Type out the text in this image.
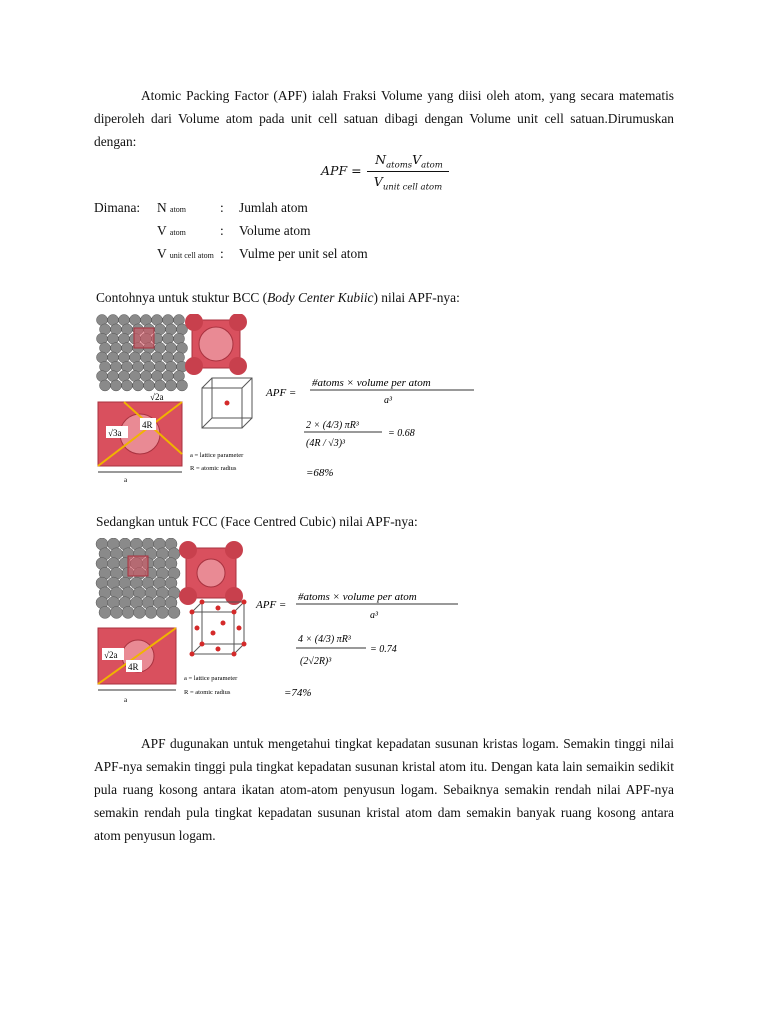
Atomic Packing Factor (APF) ialah Fraksi Volume yang diisi oleh atom, yang secara matematis diperoleh dari Volume atom pada unit cell satuan dibagi dengan Volume unit cell satuan.Dirumuskan dengan:
APF =
$N_{atoms}V_{atom}$
$V_{unit cell atom}$
Dimana: N atom	: Jumlah atom
V atom	: Volume atom
V unit cell atom : Vulme per unit sel atom
Contohnya untuk stuktur BCC (Body Center Kubiic) nilai APF-nya:
√2a
√3a
4R
a
a = lattice parameter
R = atomic radius
APF =
#atoms × volume per atom
a³
2 × (4/3) πR³
(4R / √3)³
= 0.68
=68%
Sedangkan untuk FCC (Face Centred Cubic) nilai APF-nya:
√2a
4R
a
a = lattice parameter
R = atomic radius
APF =
#atoms × volume per atom
a³
4 × (4/3) πR³
(2√2R)³
= 0.74
=74%
APF dugunakan untuk mengetahui tingkat kepadatan susunan kristas logam. Semakin tinggi nilai APF-nya semakin tinggi pula tingkat kepadatan susunan kristal atom itu. Dengan kata lain semaikin sedikit pula ruang kosong antara ikatan atom-atom penyusun logam. Sebaiknya semakin rendah nilai APF-nya semakin rendah pula tingkat kepadatan susunan kristal atom dam semakin banyak ruang kosong antara atom penyusun logam.
